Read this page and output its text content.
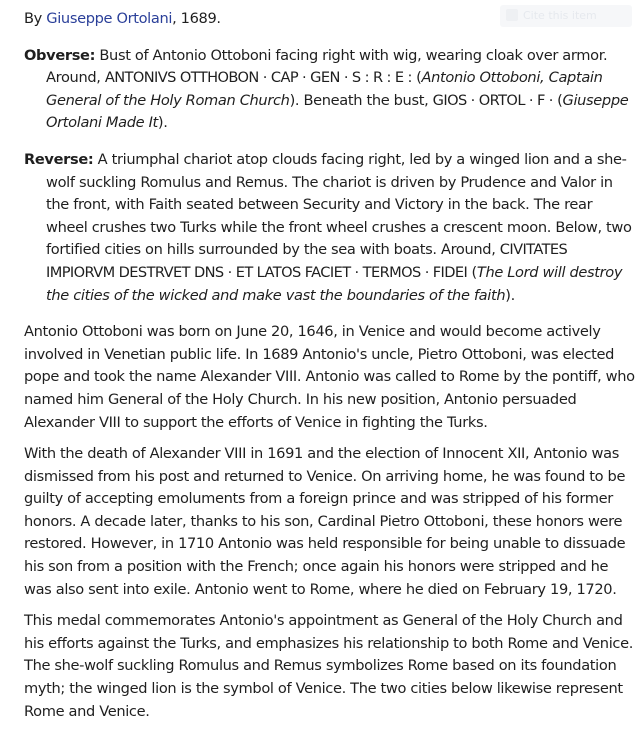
Cite this item

By Giuseppe Ortolani, 1689.

Obverse: Bust of Antonio Ottoboni facing right with wig, wearing cloak over armor. Around, ANTONIVS OTTHOBON · CAP · GEN · S : R : E : (Antonio Ottoboni, Captain General of the Holy Roman Church). Beneath the bust, GIOS · ORTOL · F · (Giuseppe Ortolani Made It).

Reverse: A triumphal chariot atop clouds facing right, led by a winged lion and a she-wolf suckling Romulus and Remus. The chariot is driven by Prudence and Valor in the front, with Faith seated between Security and Victory in the back. The rear wheel crushes two Turks while the front wheel crushes a crescent moon. Below, two fortified cities on hills surrounded by the sea with boats. Around, CIVITATES IMPIORVM DESTRVET DNS · ET LATOS FACIET · TERMOS · FIDEI (The Lord will destroy the cities of the wicked and make vast the boundaries of the faith).

Antonio Ottoboni was born on June 20, 1646, in Venice and would become actively involved in Venetian public life. In 1689 Antonio's uncle, Pietro Ottoboni, was elected pope and took the name Alexander VIII. Antonio was called to Rome by the pontiff, who named him General of the Holy Church. In his new position, Antonio persuaded Alexander VIII to support the efforts of Venice in fighting the Turks.

With the death of Alexander VIII in 1691 and the election of Innocent XII, Antonio was dismissed from his post and returned to Venice. On arriving home, he was found to be guilty of accepting emoluments from a foreign prince and was stripped of his former honors. A decade later, thanks to his son, Cardinal Pietro Ottoboni, these honors were restored. However, in 1710 Antonio was held responsible for being unable to dissuade his son from a position with the French; once again his honors were stripped and he was also sent into exile. Antonio went to Rome, where he died on February 19, 1720.

This medal commemorates Antonio's appointment as General of the Holy Church and his efforts against the Turks, and emphasizes his relationship to both Rome and Venice. The she-wolf suckling Romulus and Remus symbolizes Rome based on its foundation myth; the winged lion is the symbol of Venice. The two cities below likewise represent Rome and Venice.
